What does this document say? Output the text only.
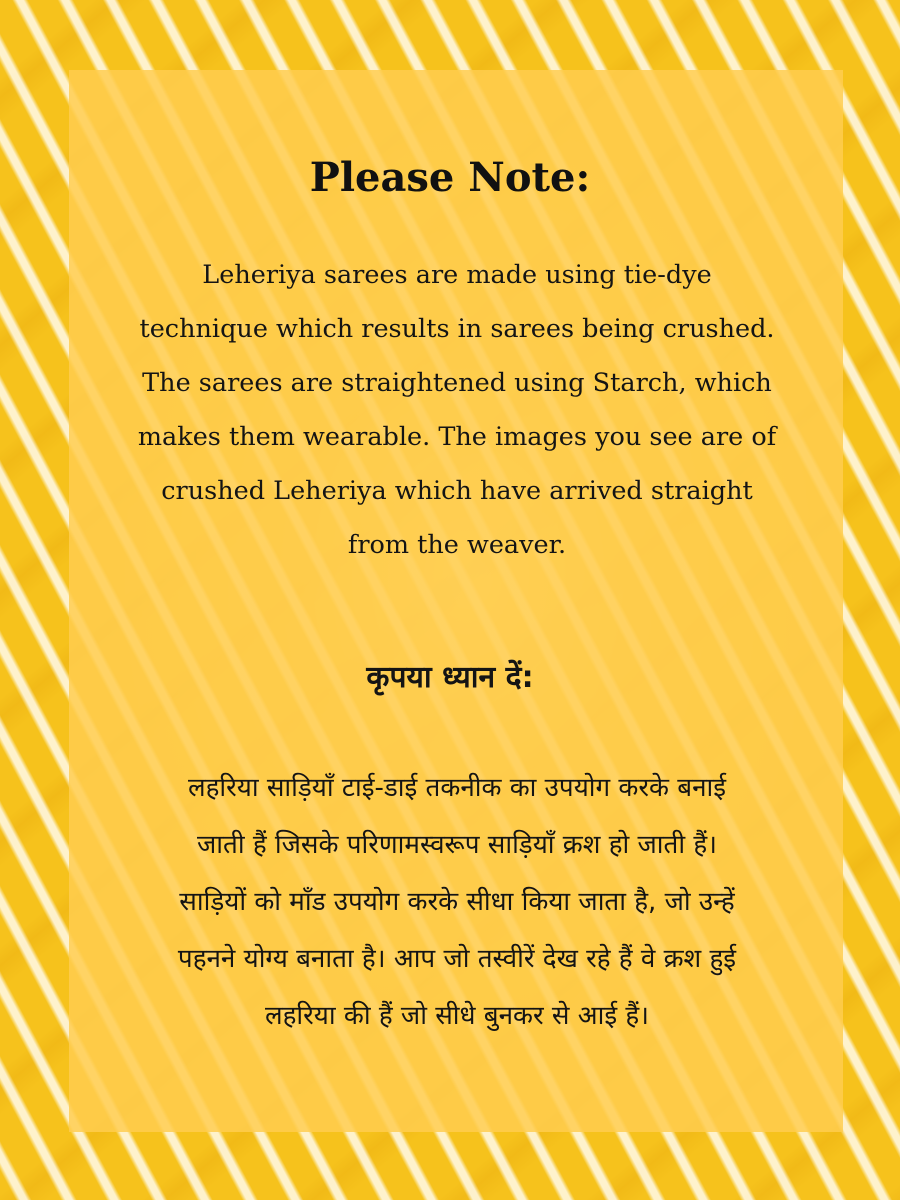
Please Note:

Leheriya sarees are made using tie-dye
technique which results in sarees being crushed.
The sarees are straightened using Starch, which
makes them wearable. The images you see are of
crushed Leheriya which have arrived straight
from the weaver.

कृपया ध्यान दें:

लहरिया साड़ियाँ टाई-डाई तकनीक का उपयोग करके बनाई
जाती हैं जिसके परिणामस्वरूप साड़ियाँ क्रश हो जाती हैं।
साड़ियों को माँड उपयोग करके सीधा किया जाता है, जो उन्हें
पहनने योग्य बनाता है। आप जो तस्वीरें देख रहे हैं वे क्रश हुई
लहरिया की हैं जो सीधे बुनकर से आई हैं।
